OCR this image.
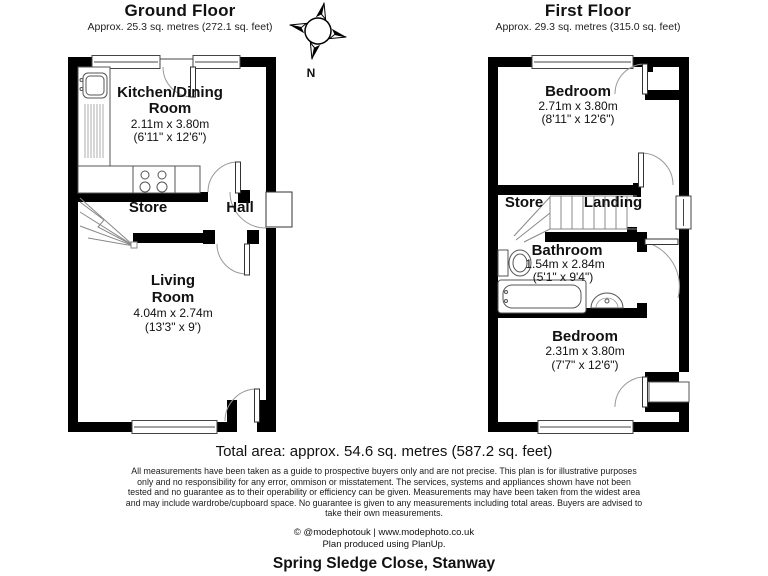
Ground Floor
Approx. 25.3 sq. metres (272.1 sq. feet)
First Floor
Approx. 29.3 sq. metres (315.0 sq. feet)
N
Kitchen/Dining
Room
2.11m x 3.80m
(6'11" x 12'6")
Store	Hall
Living
Room
4.04m x 2.74m
(13'3" x 9')
Bedroom
2.71m x 3.80m
(8'11" x 12'6")
Store	Landing
Bathroom
1.54m x 2.84m
(5'1" x 9'4")
Bedroom
2.31m x 3.80m
(7'7" x 12'6")
Total area: approx. 54.6 sq. metres (587.2 sq. feet)
All measurements have been taken as a guide to prospective buyers only and are not precise. This plan is for illustrative purposes
only and no responsibility for any error, ommison or misstatement. The services, systems and appliances shown have not been
tested and no guarantee as to their operability or efficiency can be given. Measurements may have been taken from the widest area
and may include wardrobe/cupboard space. No guarantee is given to any measurements including total areas. Buyers are advised to
take their own measurements.
© @modephotouk | www.modephoto.co.uk
Plan produced using PlanUp.
Spring Sledge Close, Stanway
